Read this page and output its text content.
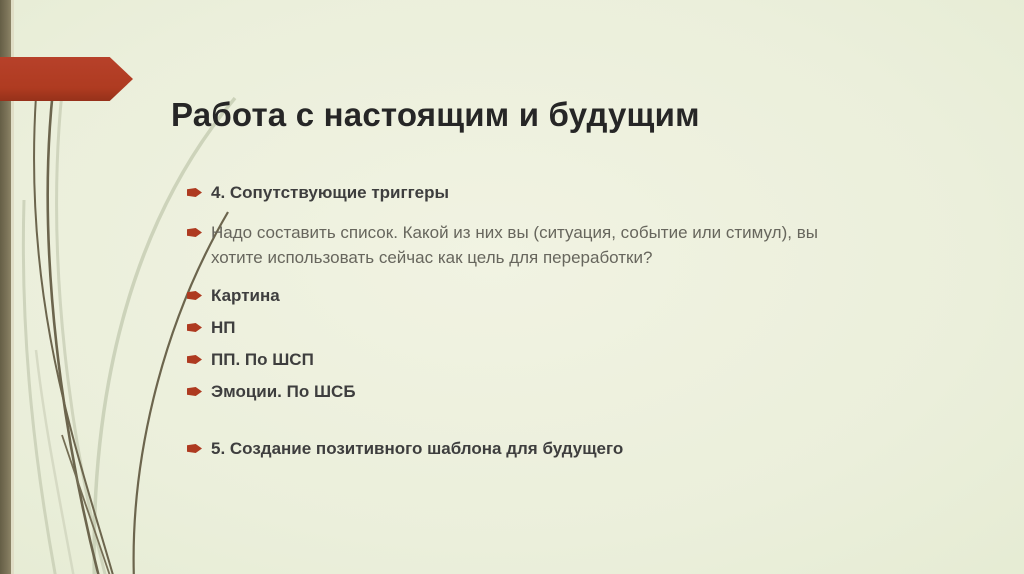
Работа с настоящим и будущим
4. Сопутствующие триггеры
Надо составить список. Какой из них вы (ситуация, событие или стимул), вы хотите использовать сейчас как цель для переработки?
Картина
НП
ПП. По ШСП
Эмоции. По ШСБ
5. Создание позитивного шаблона для будущего
